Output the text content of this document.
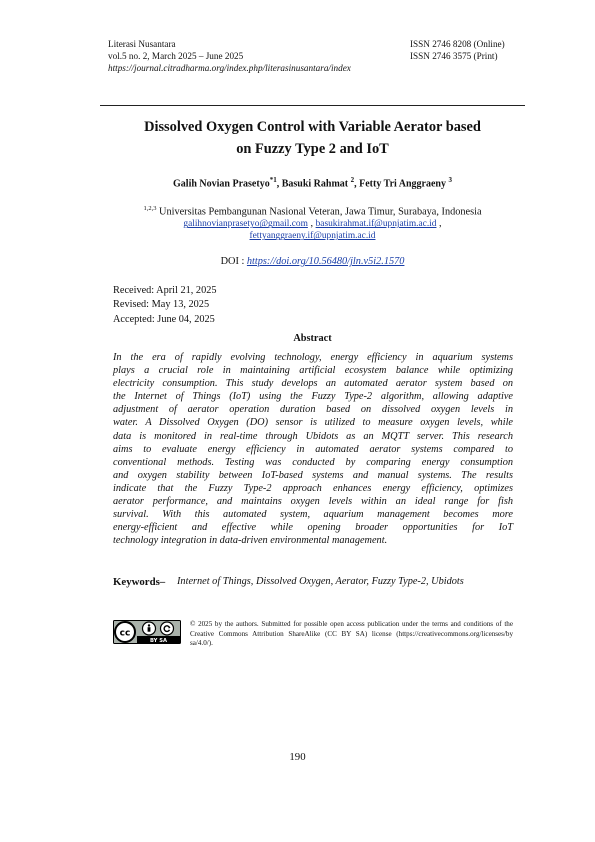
Literasi Nusantara
vol.5 no. 2, March 2025 – June 2025
https://journal.citradharma.org/index.php/literasinusantara/index
ISSN 2746 8208 (Online)
ISSN 2746 3575 (Print)
Dissolved Oxygen Control with Variable Aerator based
on Fuzzy Type 2 and IoT
Galih Novian Prasetyo$^{*1}$, Basuki Rahmat $^2$, Fetty Tri Anggraeny $^3$
$^{1,2,3}$ Universitas Pembangunan Nasional Veteran, Jawa Timur, Surabaya, Indonesia
galihnovianprasetyo@gmail.com , basukirahmat.if@upnjatim.ac.id ,
fettyanggraeny.if@upnjatim.ac.id
DOI : https://doi.org/10.56480/jln.v5i2.1570
Received: April 21, 2025
Revised: May 13, 2025
Accepted: June 04, 2025
Abstract
In the era of rapidly evolving technology, energy efficiency in aquarium systems
plays a crucial role in maintaining artificial ecosystem balance while optimizing
electricity consumption. This study develops an automated aerator system based on
the Internet of Things (IoT) using the Fuzzy Type-2 algorithm, allowing adaptive
adjustment of aerator operation duration based on dissolved oxygen levels in
water. A Dissolved Oxygen (DO) sensor is utilized to measure oxygen levels, while
data is monitored in real-time through Ubidots as an MQTT server. This research
aims to evaluate energy efficiency in automated aerator systems compared to
conventional methods. Testing was conducted by comparing energy consumption
and oxygen stability between IoT-based systems and manual systems. The results
indicate that the Fuzzy Type-2 approach enhances energy efficiency, optimizes
aerator performance, and maintains oxygen levels within an ideal range for fish
survival. With this automated system, aquarium management becomes more
energy-efficient and effective while opening broader opportunities for IoT
technology integration in data-driven environmental management.
Keywords– Internet of Things, Dissolved Oxygen, Aerator, Fuzzy Type-2, Ubidots
cc
BY SA
© 2025 by the authors. Submitted for possible open access publication under the terms and conditions of the Creative Commons Attribution ShareAlike (CC BY SA) license (https://creativecommons.org/licenses/by sa/4.0/).
190
